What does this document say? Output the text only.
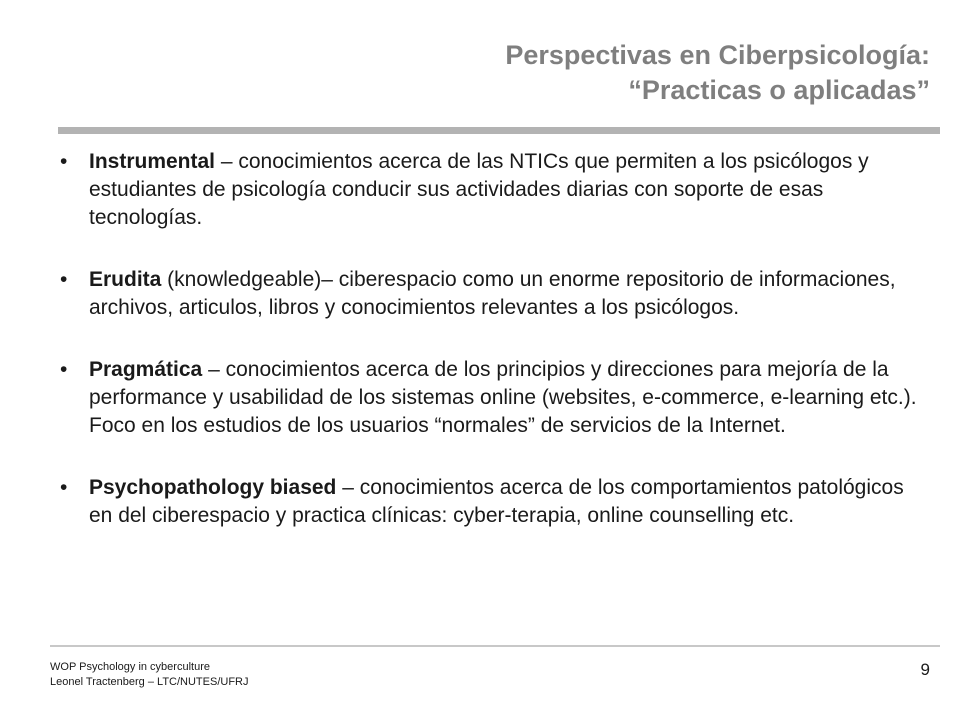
Perspectivas en Ciberpsicología:
“Practicas o aplicadas”
• Instrumental – conocimientos acerca de las NTICs que permiten a los psicólogos y estudiantes de psicología conducir sus actividades diarias con soporte de esas tecnologías.
• Erudita (knowledgeable)– ciberespacio como un enorme repositorio de informaciones, archivos, articulos, libros y conocimientos relevantes a los psicólogos.
• Pragmática – conocimientos acerca de los principios y direcciones para mejoría de la performance y usabilidad de los sistemas online (websites, e-commerce, e-learning etc.). Foco en los estudios de los usuarios “normales” de servicios de la Internet.
• Psychopathology biased – conocimientos acerca de los comportamientos patológicos en del ciberespacio y practica clínicas: cyber-terapia, online counselling etc.
WOP Psychology in cyberculture
Leonel Tractenberg – LTC/NUTES/UFRJ
9
